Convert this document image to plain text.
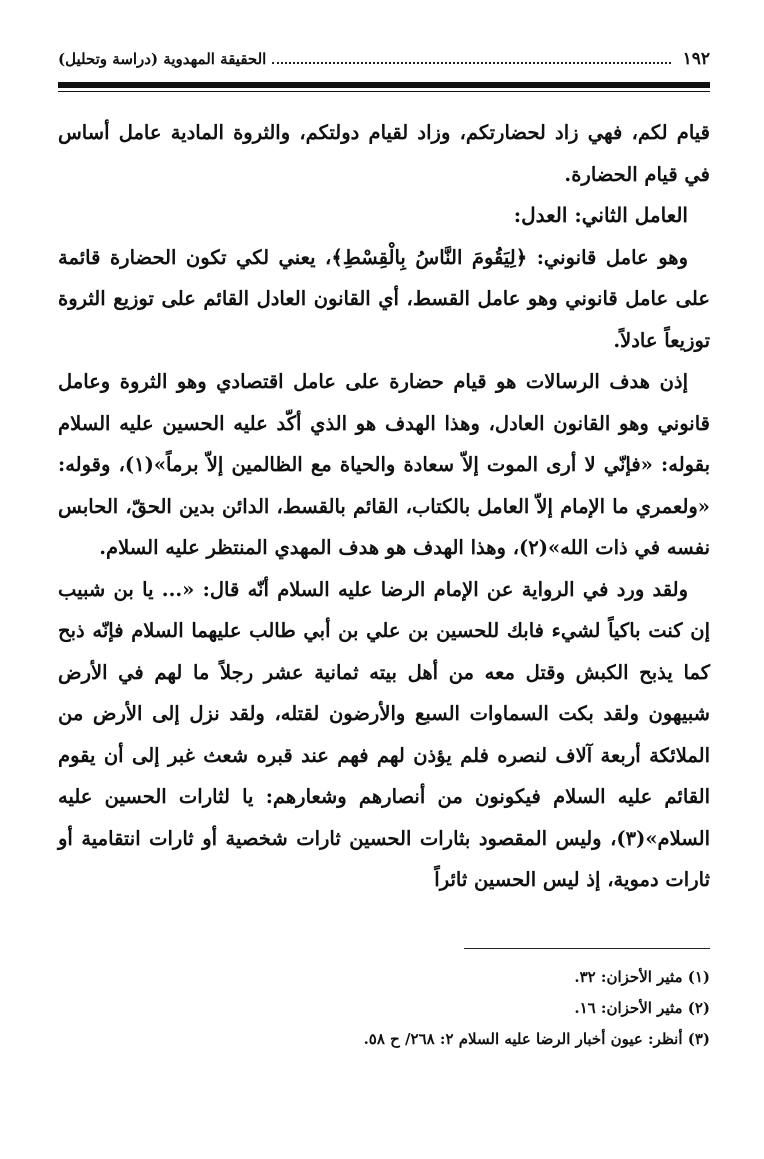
١٩٢
الحقيقة المهدوية (دراسة وتحليل)

قيام لكم، فهي زاد لحضارتكم، وزاد لقيام دولتكم، والثروة المادية عامل أساس في قيام الحضارة.

العامل الثاني: العدل:

وهو عامل قانوني: ﴿لِيَقُومَ النَّاسُ بِالْقِسْطِ﴾، يعني لكي تكون الحضارة قائمة على عامل قانوني وهو عامل القسط، أي القانون العادل القائم على توزيع الثروة توزيعاً عادلاً.

إذن هدف الرسالات هو قيام حضارة على عامل اقتصادي وهو الثروة وعامل قانوني وهو القانون العادل، وهذا الهدف هو الذي أكّد عليه الحسين عليه السلام بقوله: «فإنّي لا أرى الموت إلاّ سعادة والحياة مع الظالمين إلاّ برماً»(١)، وقوله: «ولعمري ما الإمام إلاّ العامل بالكتاب، القائم بالقسط، الدائن بدين الحقّ، الحابس نفسه في ذات الله»(٢)، وهذا الهدف هو هدف المهدي المنتظر عليه السلام.

ولقد ورد في الرواية عن الإمام الرضا عليه السلام أنّه قال: «... يا بن شبيب إن كنت باكياً لشيء فابك للحسين بن علي بن أبي طالب عليهما السلام فإنّه ذبح كما يذبح الكبش وقتل معه من أهل بيته ثمانية عشر رجلاً ما لهم في الأرض شبيهون ولقد بكت السماوات السبع والأرضون لقتله، ولقد نزل إلى الأرض من الملائكة أربعة آلاف لنصره فلم يؤذن لهم فهم عند قبره شعث غبر إلى أن يقوم القائم عليه السلام فيكونون من أنصارهم وشعارهم: يا لثارات الحسين عليه السلام»(٣)، وليس المقصود بثارات الحسين ثارات شخصية أو ثارات انتقامية أو ثارات دموية، إذ ليس الحسين ثائراً

(١) مثير الأحزان: ٣٢.
(٢) مثير الأحزان: ١٦.
(٣) أنظر: عيون أخبار الرضا عليه السلام ٢: ٢٦٨/ ح ٥٨.
